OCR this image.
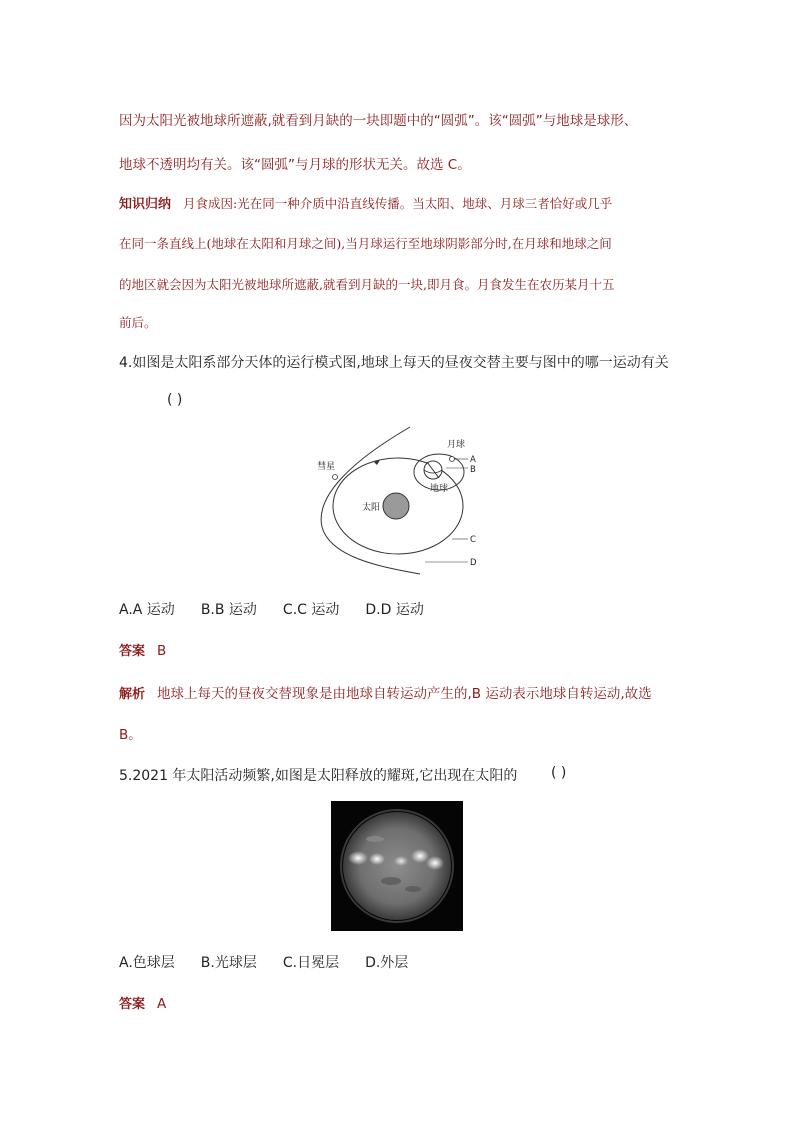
因为太阳光被地球所遮蔽,就看到月缺的一块即题中的“圆弧”。该“圆弧”与地球是球形、
地球不透明均有关。该“圆弧”与月球的形状无关。故选 C。
知识归纳 月食成因:光在同一种介质中沿直线传播。当太阳、地球、月球三者恰好或几乎
在同一条直线上(地球在太阳和月球之间),当月球运行至地球阴影部分时,在月球和地球之间
的地区就会因为太阳光被地球所遮蔽,就看到月缺的一块,即月食。月食发生在农历某月十五
前后。
4.如图是太阳系部分天体的运行模式图,地球上每天的昼夜交替主要与图中的哪一运动有关
( )
彗星
月球
地球
太阳
A
B
C
D
A.A 运动 B.B 运动 C.C 运动 D.D 运动
答案 B
解析 地球上每天的昼夜交替现象是由地球自转运动产生的,B 运动表示地球自转运动,故选
B。
5.2021 年太阳活动频繁,如图是太阳释放的耀斑,它出现在太阳的 ( )
A.色球层 B.光球层 C.日冕层 D.外层
答案 A
